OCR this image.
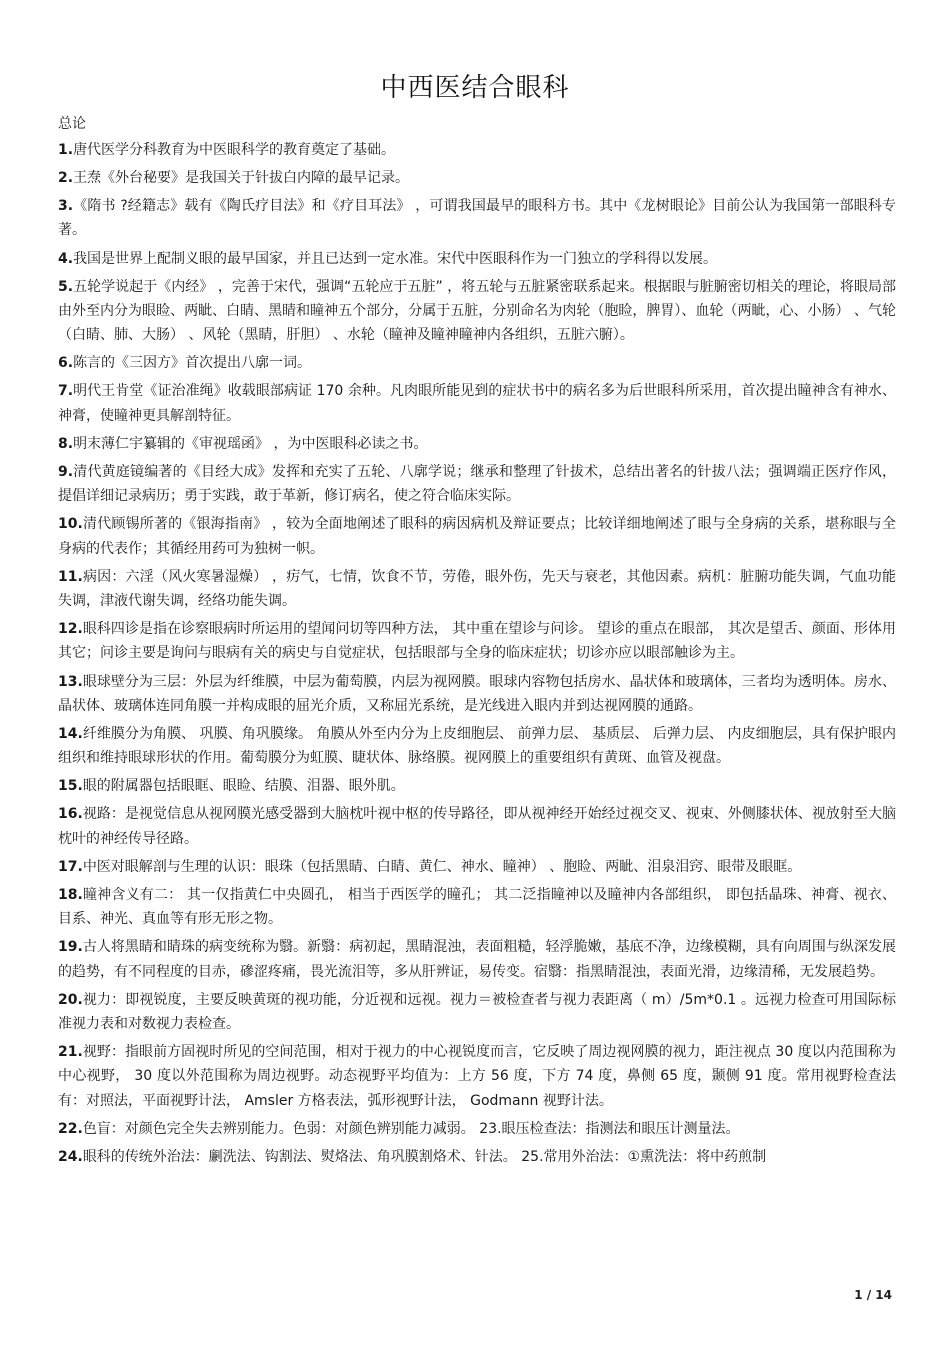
中西医结合眼科
总论

1.唐代医学分科教育为中医眼科学的教育奠定了基础。

2.王焘《外台秘要》是我国关于针拔白内障的最早记录。

3.《隋书 ?经籍志》载有《陶氏疗目法》和《疗目耳法》 ，可谓我国最早的眼科方书。其中《龙树眼论》目前公认为我国第一部眼科专著。

4.我国是世界上配制义眼的最早国家，并且已达到一定水准。宋代中医眼科作为一门独立的学科得以发展。

5.五轮学说起于《内经》 ，完善于宋代，强调“五轮应于五脏” ，将五轮与五脏紧密联系起来。根据眼与脏腑密切相关的理论，将眼局部由外至内分为眼睑、两眦、白睛、黑睛和瞳神五个部分，分属于五脏，分别命名为肉轮（胞睑，脾胃）、血轮（两眦，心、小肠） 、气轮（白睛、肺、大肠） 、风轮（黑睛，肝胆） 、水轮（瞳神及瞳神瞳神内各组织，五脏六腑）。

6.陈言的《三因方》首次提出八廓一词。

7.明代王肯堂《证治准绳》收载眼部病证 170 余种。凡肉眼所能见到的症状书中的病名多为后世眼科所采用，首次提出瞳神含有神水、神膏，使瞳神更具解剖特征。

8.明末薄仁宇纂辑的《审视瑶函》 ，为中医眼科必读之书。

9.清代黄庭镜编著的《目经大成》发挥和充实了五轮、八廓学说；继承和整理了针拔术，总结出著名的针拔八法；强调端正医疗作风，提倡详细记录病历；勇于实践，敢于革新，修订病名，使之符合临床实际。

10.清代顾锡所著的《银海指南》 ，较为全面地阐述了眼科的病因病机及辩证要点；比较详细地阐述了眼与全身病的关系，堪称眼与全身病的代表作；其循经用药可为独树一帜。

11.病因：六淫（风火寒暑湿燥） ，疠气，七情，饮食不节，劳倦，眼外伤，先天与衰老，其他因素。病机：脏腑功能失调，气血功能失调，津液代谢失调，经络功能失调。

12.眼科四诊是指在诊察眼病时所运用的望闻问切等四种方法， 其中重在望诊与问诊。 望诊的重点在眼部， 其次是望舌、颜面、形体用其它；问诊主要是询问与眼病有关的病史与自觉症状，包括眼部与全身的临床症状；切诊亦应以眼部触诊为主。

13.眼球壁分为三层：外层为纤维膜，中层为葡萄膜，内层为视网膜。眼球内容物包括房水、晶状体和玻璃体，三者均为透明体。房水、晶状体、玻璃体连同角膜一并构成眼的屈光介质，又称屈光系统，是光线进入眼内并到达视网膜的通路。

14.纤维膜分为角膜、 巩膜、角巩膜缘。 角膜从外至内分为上皮细胞层、 前弹力层、 基质层、 后弹力层、 内皮细胞层，具有保护眼内组织和维持眼球形状的作用。葡萄膜分为虹膜、睫状体、脉络膜。视网膜上的重要组织有黄斑、血管及视盘。

15.眼的附属器包括眼眶、眼睑、结膜、泪器、眼外肌。

16.视路：是视觉信息从视网膜光感受器到大脑枕叶视中枢的传导路径，即从视神经开始经过视交叉、视束、外侧膝状体、视放射至大脑枕叶的神经传导径路。

17.中医对眼解剖与生理的认识：眼珠（包括黑睛、白睛、黄仁、神水、瞳神） 、胞睑、两眦、泪泉泪窍、眼带及眼眶。

18.瞳神含义有二： 其一仅指黄仁中央圆孔， 相当于西医学的瞳孔； 其二泛指瞳神以及瞳神内各部组织， 即包括晶珠、神膏、视衣、目系、神光、真血等有形无形之物。

19.古人将黑睛和睛珠的病变统称为翳。新翳：病初起，黑睛混浊，表面粗糙，轻浮脆嫩，基底不净，边缘模糊，具有向周围与纵深发展的趋势，有不同程度的目赤，磣涩疼痛，畏光流泪等，多从肝辨证，易传变。宿翳：指黑睛混浊，表面光滑，边缘清稀，无发展趋势。

20.视力：即视锐度，主要反映黄斑的视功能，分近视和远视。视力＝被检查者与视力表距离（ m）/5m*0.1 。远视力检查可用国际标准视力表和对数视力表检查。

21.视野：指眼前方固视时所见的空间范围，相对于视力的中心视锐度而言，它反映了周边视网膜的视力，距注视点 30 度以内范围称为中心视野， 30 度以外范围称为周边视野。动态视野平均值为：上方 56 度，下方 74 度，鼻侧 65 度，颞侧 91 度。常用视野检查法有：对照法，平面视野计法， Amsler 方格表法，弧形视野计法， Godmann 视野计法。

22.色盲：对颜色完全失去辨别能力。色弱：对颜色辨别能力减弱。 23.眼压检查法：指测法和眼压计测量法。

24.眼科的传统外治法：劆洗法、钩割法、熨烙法、角巩膜割烙术、针法。 25.常用外治法：①熏洗法：将中药煎制

1 / 14
